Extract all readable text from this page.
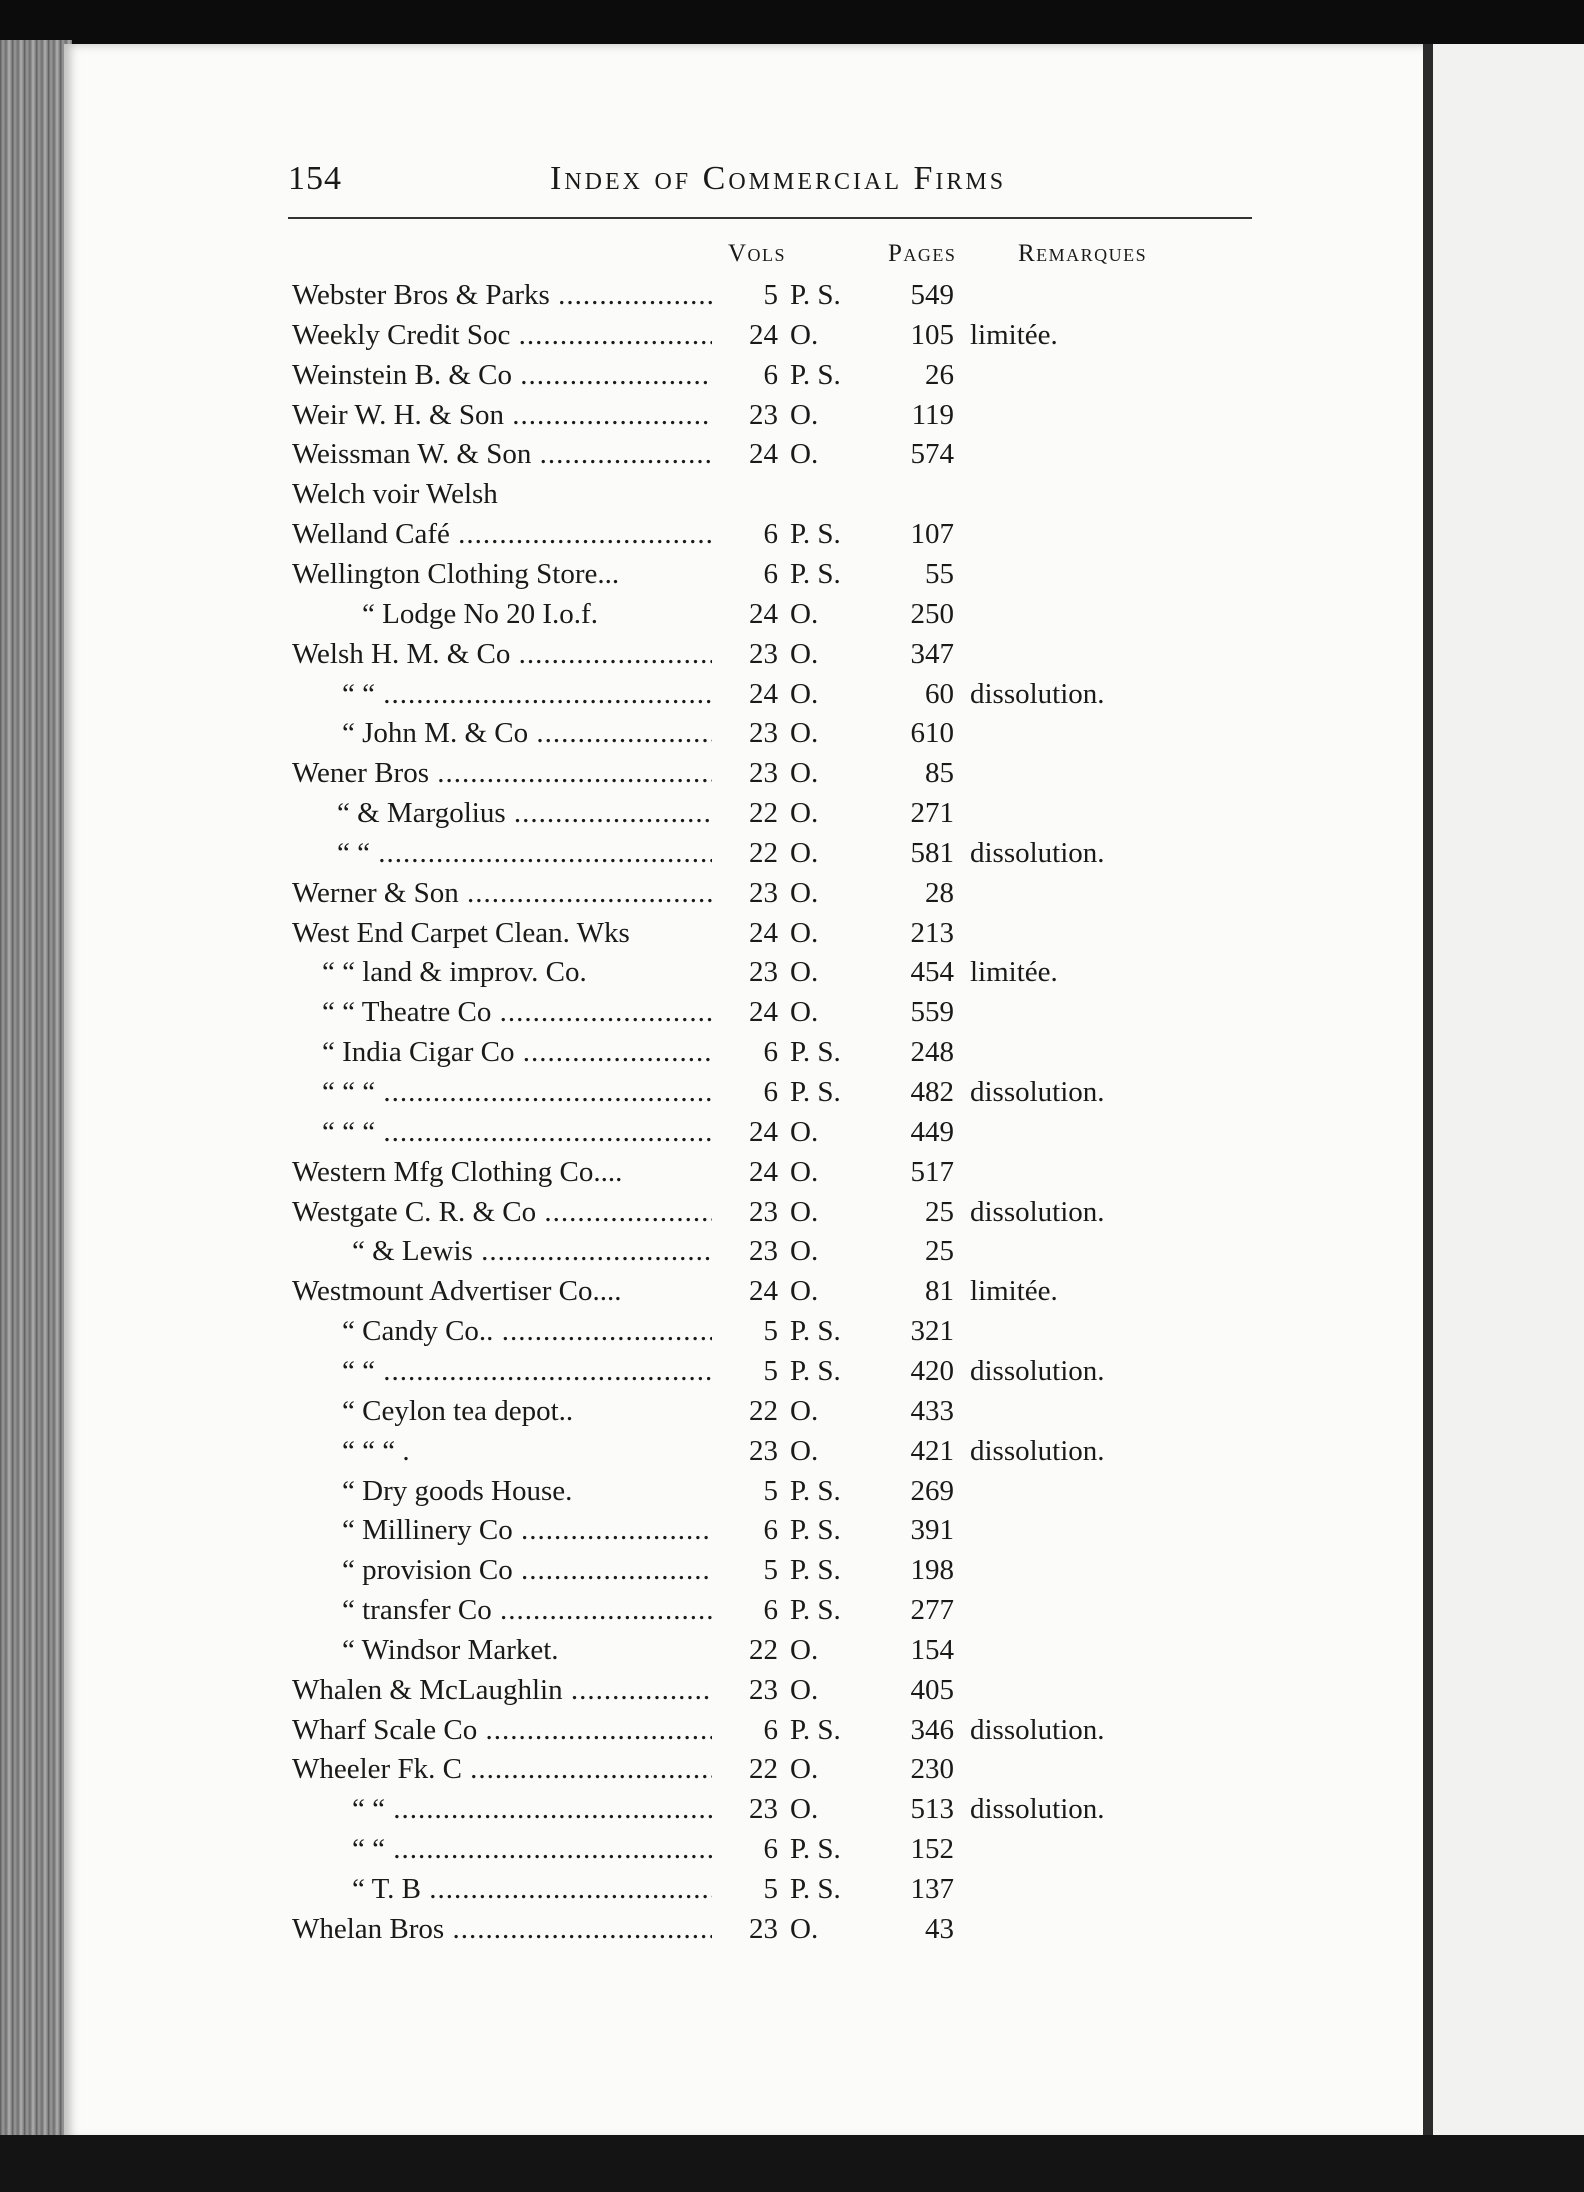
154	Index of Commercial Firms
Vols	Pages Remarques
Webster Bros & Parks .....	5 P. S.	549
Weekly Credit Soc .....	24 O.	105 limitée.
Weinstein B. & Co .....	6 P. S.	26
Weir W. H. & Son .....	23 O.	119
Weissman W. & Son .....	24 O.	574
Welch voir Welsh
Welland Café .....	6 P. S.	107
Wellington Clothing Store...	6 P. S.	55
“ Lodge No 20 I.o.f.	24 O.	250
Welsh H. M. & Co .....	23 O.	347
“ “ .....	24 O.	60 dissolution.
“ John M. & Co .....	23 O.	610
Wener Bros .....	23 O.	85
“ & Margolius .....	22 O.	271
“ “ .....	22 O.	581 dissolution.
Werner & Son .....	23 O.	28
West End Carpet Clean. Wks	24 O.	213
“ “ land & improv. Co.	23 O.	454 limitée.
“ “ Theatre Co .....	24 O.	559
“ India Cigar Co .....	6 P. S.	248
“ “ “ .....	6 P. S.	482 dissolution.
“ “ “ .....	24 O.	449
Western Mfg Clothing Co....	24 O.	517
Westgate C. R. & Co .....	23 O.	25 dissolution.
“ & Lewis .....	23 O.	25
Westmount Advertiser Co....	24 O.	81 limitée.
“ Candy Co.. .....	5 P. S.	321
“ “ .....	5 P. S.	420 dissolution.
“ Ceylon tea depot..	22 O.	433
“ “ “ .	23 O.	421 dissolution.
“ Dry goods House.	5 P. S.	269
“ Millinery Co .....	6 P. S.	391
“ provision Co .....	5 P. S.	198
“ transfer Co .....	6 P. S.	277
“ Windsor Market.	22 O.	154
Whalen & McLaughlin .....	23 O.	405
Wharf Scale Co .....	6 P. S.	346 dissolution.
Wheeler Fk. C .....	22 O.	230
“ “ .....	23 O.	513 dissolution.
“ “ .....	6 P. S.	152
“ T. B .....	5 P. S.	137
Whelan Bros .....	23 O.	43
